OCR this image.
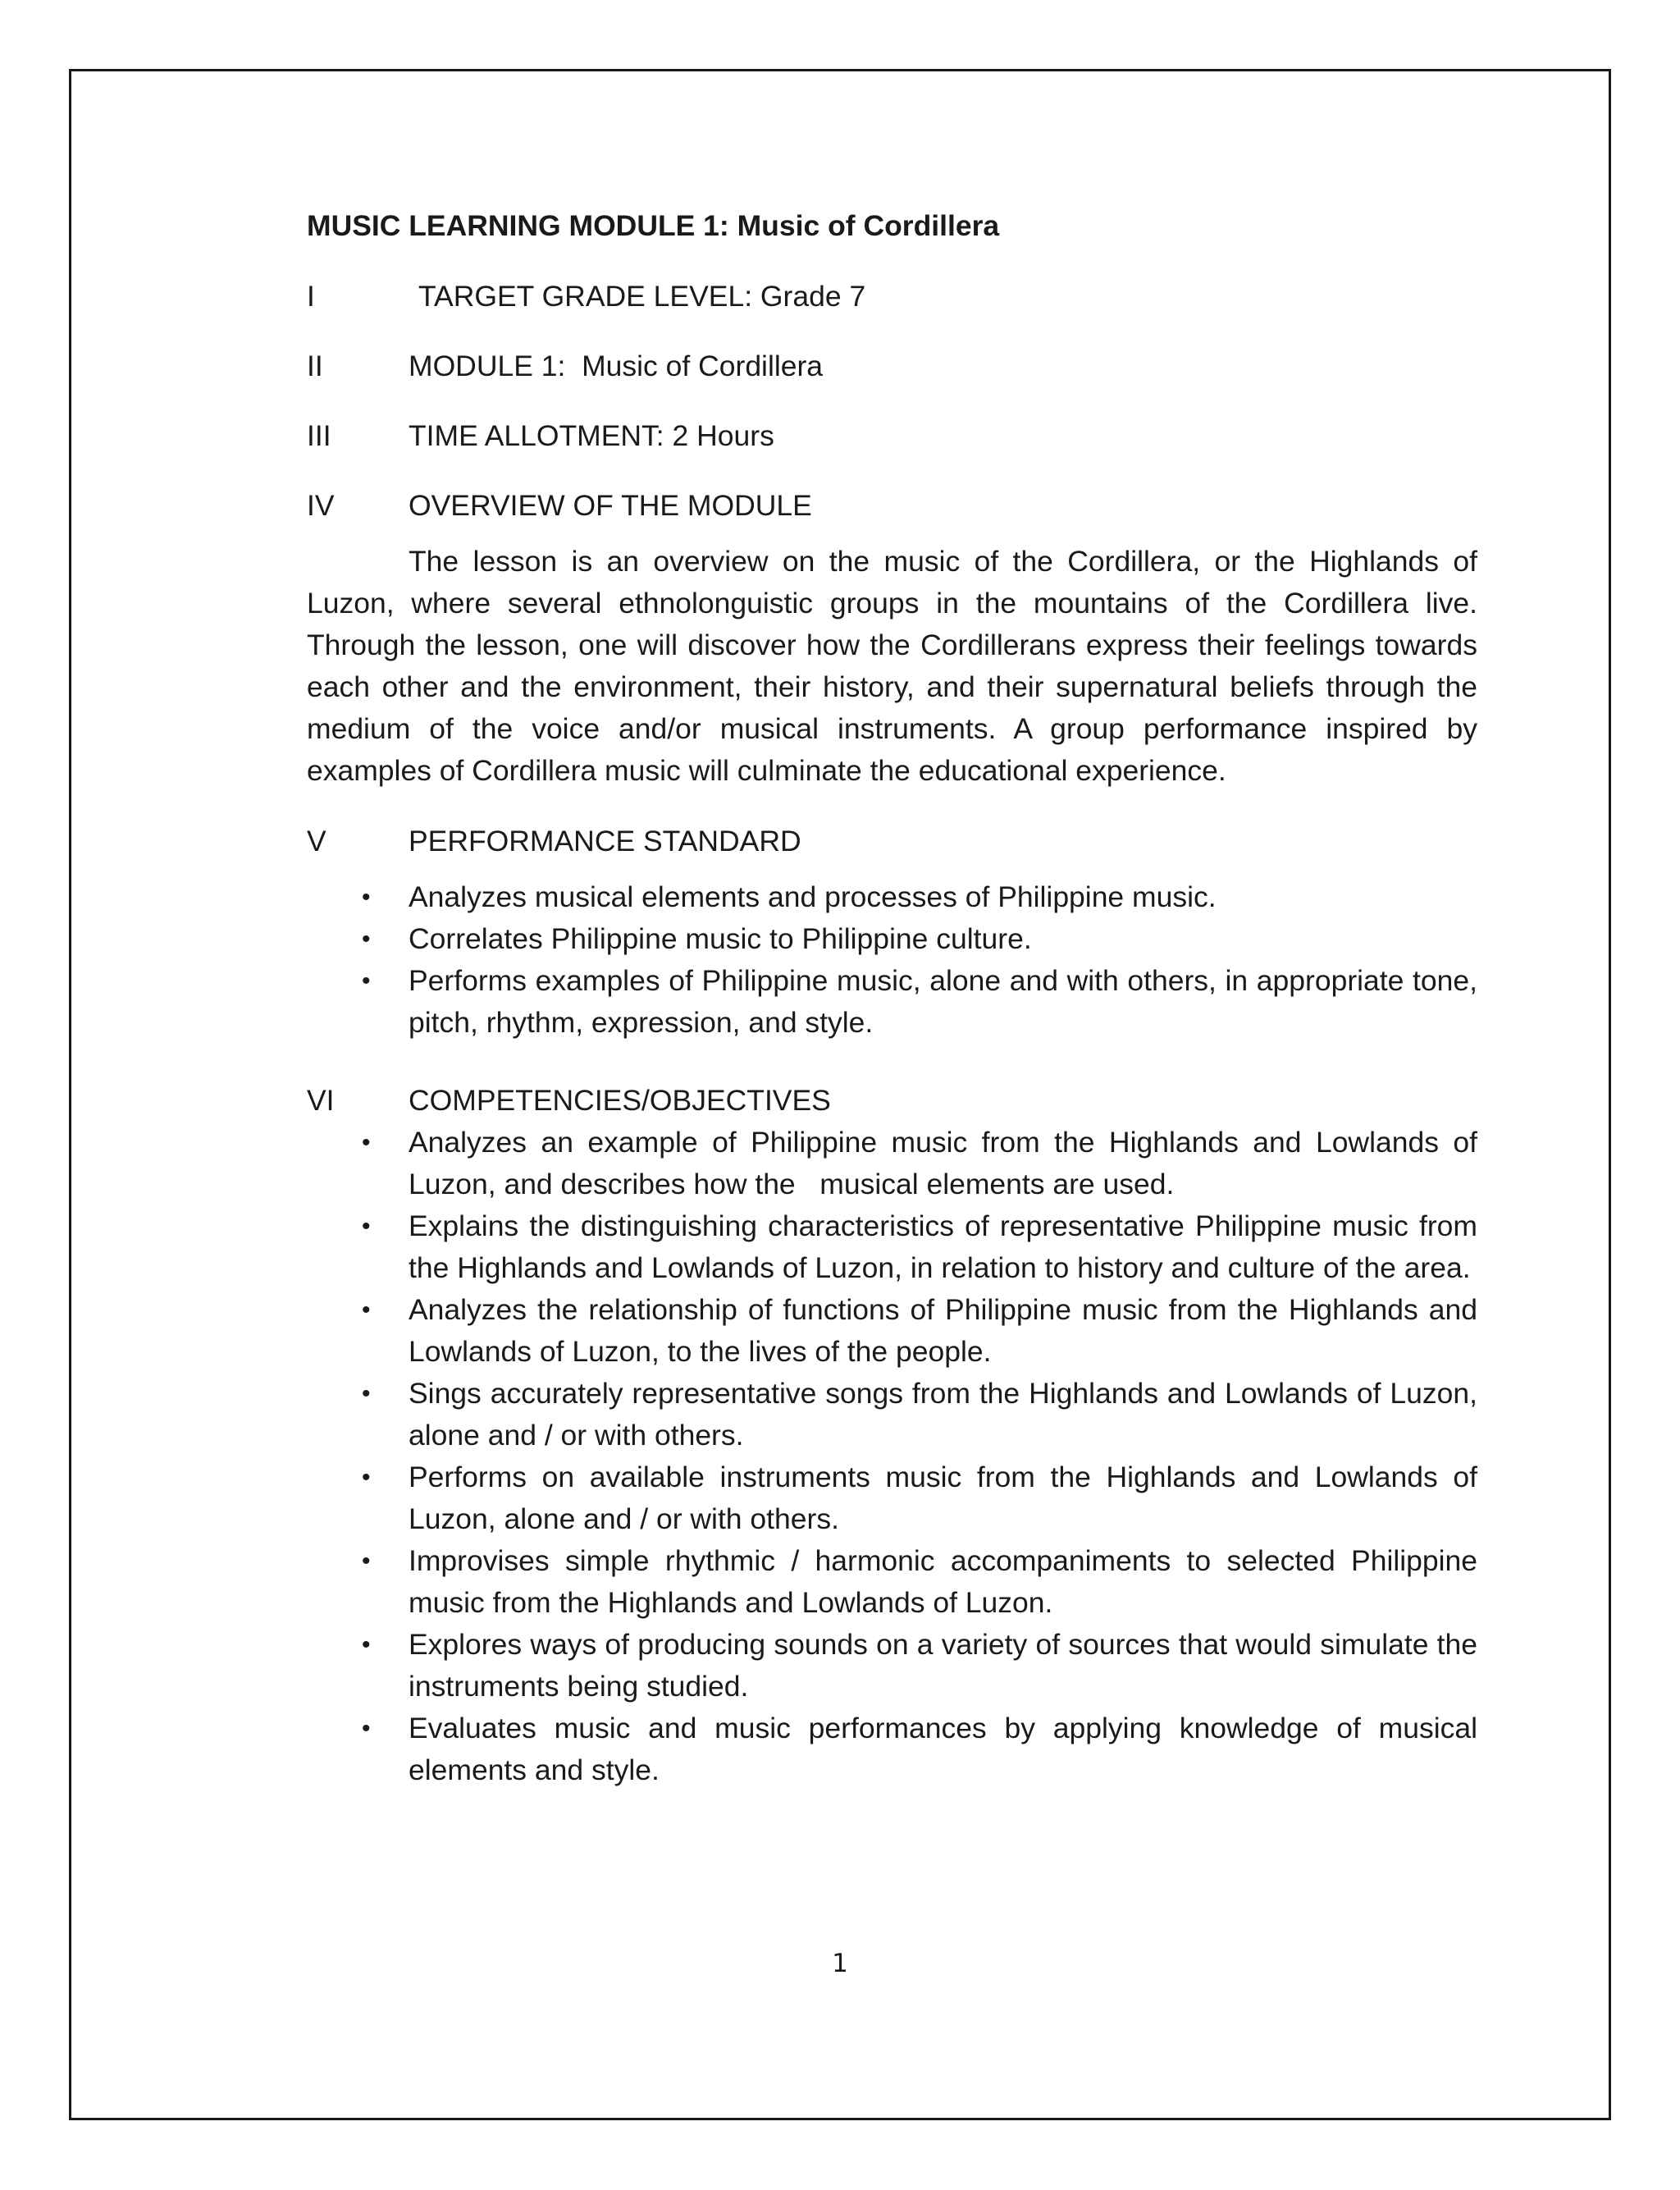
MUSIC LEARNING MODULE 1: Music of Cordillera
I	TARGET GRADE LEVEL: Grade 7
II	MODULE 1:  Music of Cordillera
III	TIME ALLOTMENT: 2 Hours
IV	OVERVIEW OF THE MODULE

The lesson is an overview on the music of the Cordillera, or the Highlands of Luzon, where several ethnolonguistic groups in the mountains of the Cordillera live. Through the lesson, one will discover how the Cordillerans express their feelings towards each other and the environment, their history, and their supernatural beliefs through the medium of the voice and/or musical instruments. A group performance inspired by examples of Cordillera music will culminate the educational experience.

V	PERFORMANCE STANDARD
• Analyzes musical elements and processes of Philippine music.
• Correlates Philippine music to Philippine culture.
• Performs examples of Philippine music, alone and with others, in appropriate tone, pitch, rhythm, expression, and style.
VI	COMPETENCIES/OBJECTIVES
• Analyzes an example of Philippine music from the Highlands and Lowlands of Luzon, and describes how the   musical elements are used.
• Explains the distinguishing characteristics of representative Philippine music from the Highlands and Lowlands of Luzon, in relation to history and culture of the area.
• Analyzes the relationship of functions of Philippine music from the Highlands and Lowlands of Luzon, to the lives of the people.
• Sings accurately representative songs from the Highlands and Lowlands of Luzon, alone and / or with others.
• Performs on available instruments music from the Highlands and Lowlands of Luzon, alone and / or with others.
• Improvises simple rhythmic / harmonic accompaniments to selected Philippine music from the Highlands and Lowlands of Luzon.
• Explores ways of producing sounds on a variety of sources that would simulate the instruments being studied.
• Evaluates music and music performances by applying knowledge of musical elements and style.
1
